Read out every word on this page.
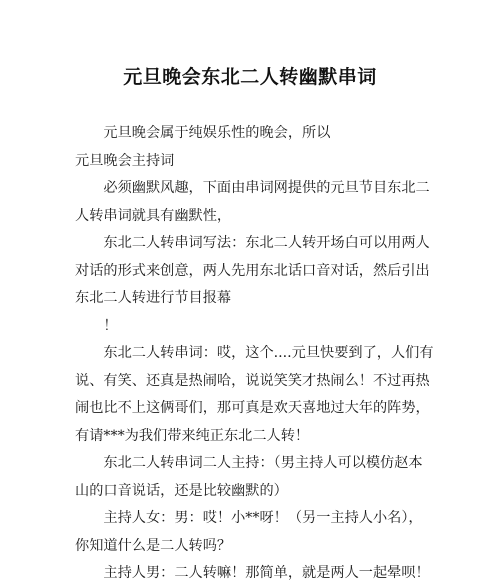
元旦晚会东北二人转幽默串词

元旦晚会属于纯娱乐性的晚会，所以

元旦晚会主持词

必须幽默风趣，下面由串词网提供的元旦节目东北二人转串词就具有幽默性，

东北二人转串词写法：东北二人转开场白可以用两人对话的形式来创意，两人先用东北话口音对话，然后引出东北二人转进行节目报幕

！

东北二人转串词：哎，这个....元旦快要到了，人们有说、有笑、还真是热闹哈，说说笑笑才热闹么！不过再热闹也比不上这俩哥们，那可真是欢天喜地过大年的阵势，有请***为我们带来纯正东北二人转！

东北二人转串词二人主持：（男主持人可以模仿赵本山的口音说话，还是比较幽默的）

主持人女：男：哎！小**呀！（另一主持人小名），你知道什么是二人转吗？

主持人男：二人转嘛！那简单，就是两人一起晕呗！
